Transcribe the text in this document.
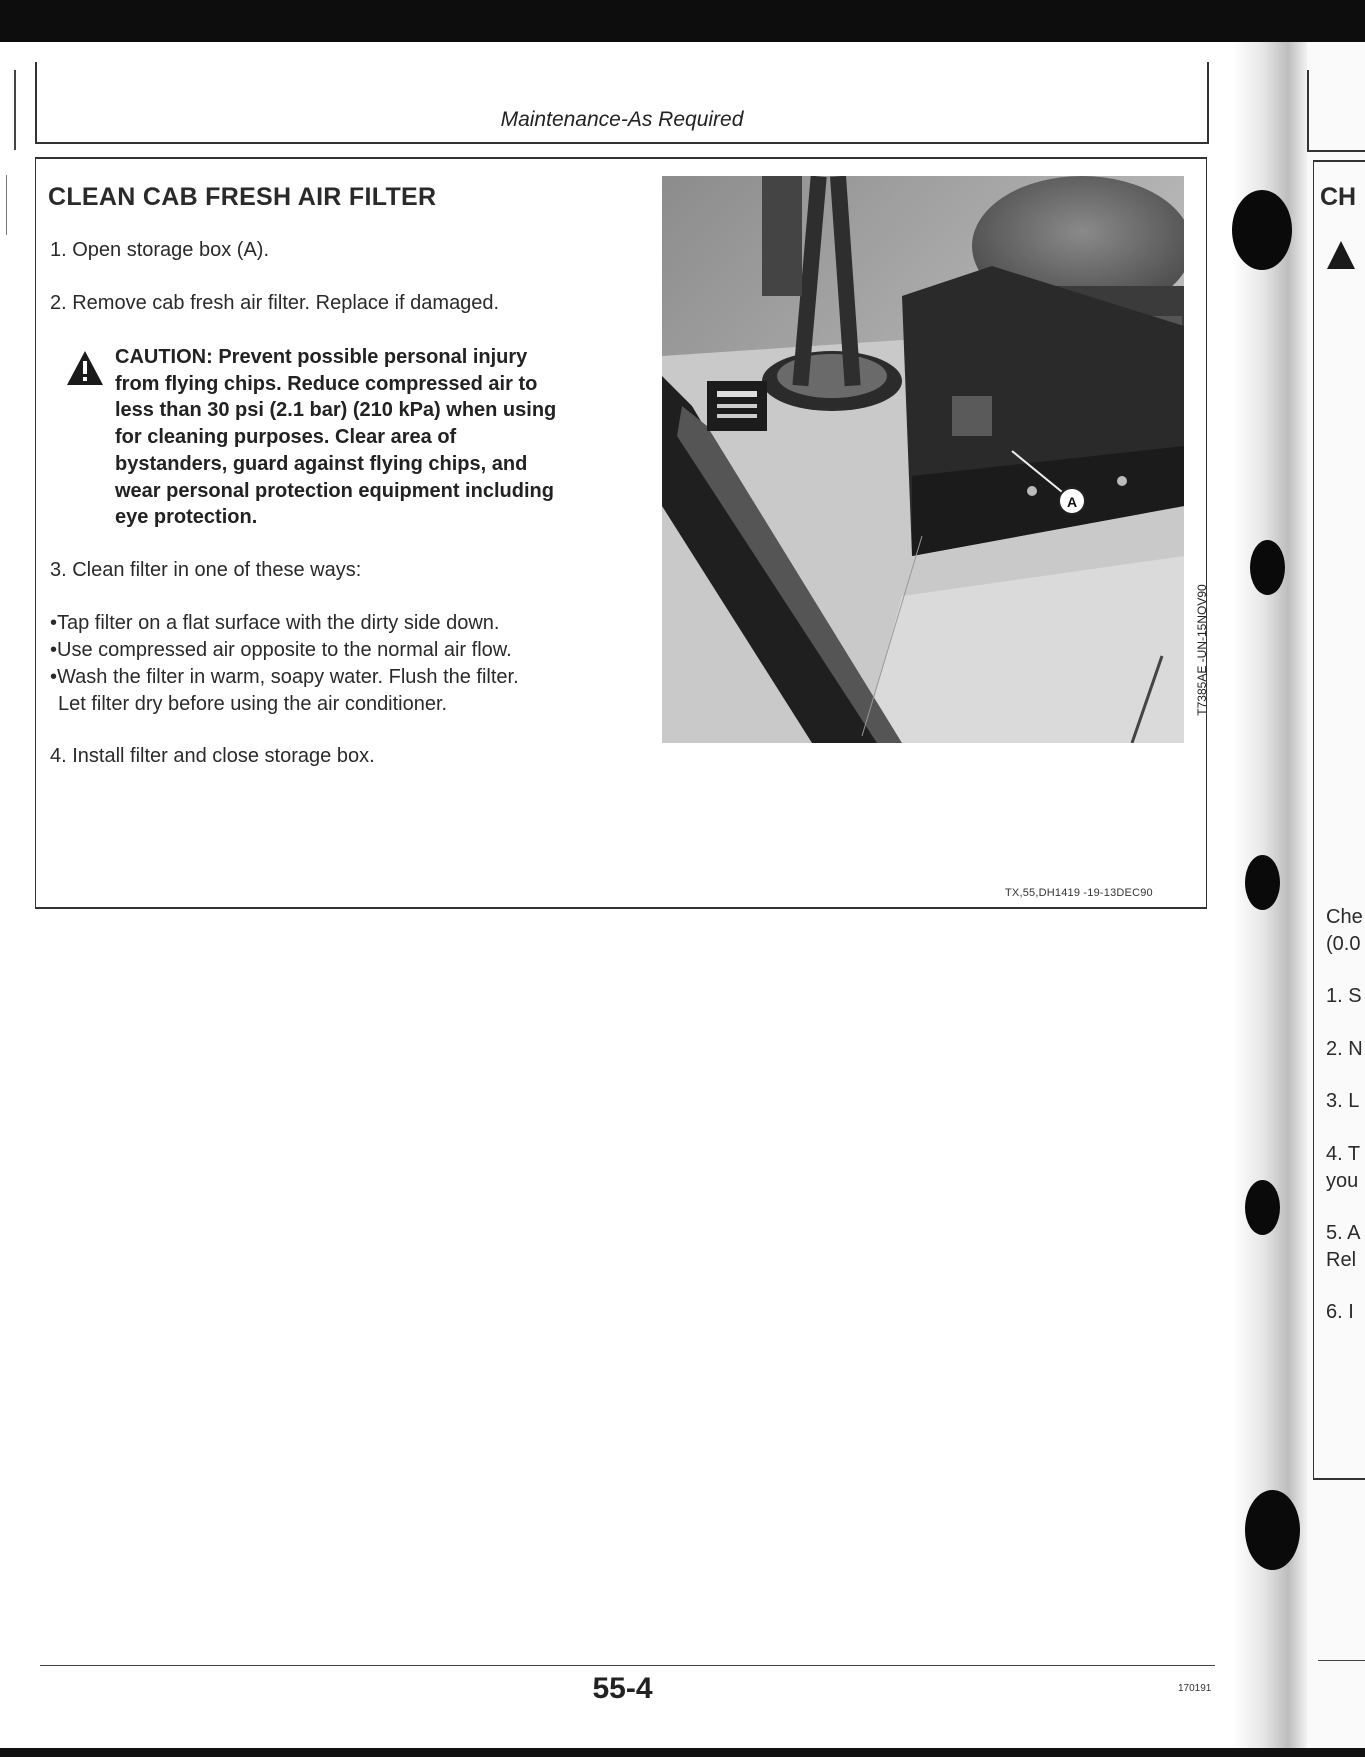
Maintenance-As Required
CLEAN CAB FRESH AIR FILTER
1. Open storage box (A).
2. Remove cab fresh air filter. Replace if damaged.
CAUTION: Prevent possible personal injury
from flying chips. Reduce compressed air to
less than 30 psi (2.1 bar) (210 kPa) when using
for cleaning purposes. Clear area of
bystanders, guard against flying chips, and
wear personal protection equipment including
eye protection.
3. Clean filter in one of these ways:
•Tap filter on a flat surface with the dirty side down.
•Use compressed air opposite to the normal air flow.
•Wash the filter in warm, soapy water. Flush the filter.
Let filter dry before using the air conditioner.
4. Install filter and close storage box.
A
T7385AE -UN-15NOV90
TX,55,DH1419 -19-13DEC90
55-4	170191
CH
Che
(0.0
1. S
2. N
3. L
4. T
you
5. A
Rel
6. I
